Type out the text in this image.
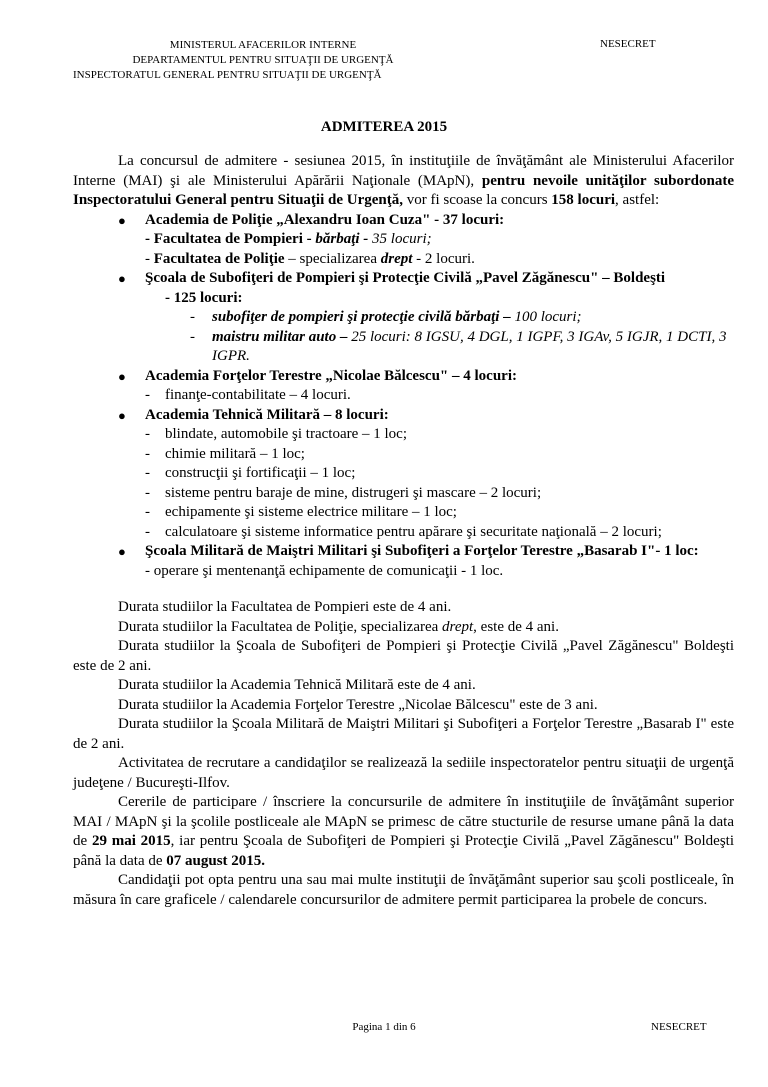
MINISTERUL AFACERILOR INTERNE
DEPARTAMENTUL PENTRU SITUAŢII DE URGENŢĂ
INSPECTORATUL GENERAL PENTRU SITUAŢII DE URGENŢĂ
NESECRET
ADMITEREA 2015

La concursul de admitere - sesiunea 2015, în instituţiile de învăţământ ale Ministerului Afacerilor Interne (MAI) şi ale Ministerului Apărării Naţionale (MApN), pentru nevoile unităţilor subordonate Inspectoratului General pentru Situaţii de Urgenţă, vor fi scoase la concurs 158 locuri, astfel:

● Academia de Poliţie „Alexandru Ioan Cuza" - 37 locuri:
- Facultatea de Pompieri - bărbaţi - 35 locuri;
- Facultatea de Poliţie – specializarea drept - 2 locuri.
● Şcoala de Subofiţeri de Pompieri şi Protecţie Civilă „Pavel Zăgănescu" – Boldeşti
- 125 locuri:
- subofiţer de pompieri şi protecţie civilă bărbaţi – 100 locuri;
- maistru militar auto – 25 locuri: 8 IGSU, 4 DGL, 1 IGPF, 3 IGAv, 5 IGJR, 1 DCTI, 3 IGPR.
● Academia Forţelor Terestre „Nicolae Bălcescu" – 4 locuri:
- finanţe-contabilitate – 4 locuri.
● Academia Tehnică Militară – 8 locuri:
- blindate, automobile şi tractoare – 1 loc;
- chimie militară – 1 loc;
- construcţii şi fortificaţii – 1 loc;
- sisteme pentru baraje de mine, distrugeri şi mascare – 2 locuri;
- echipamente şi sisteme electrice militare – 1 loc;
- calculatoare şi sisteme informatice pentru apărare şi securitate naţională – 2 locuri;
● Şcoala Militară de Maiştri Militari şi Subofiţeri a Forţelor Terestre „Basarab I"- 1 loc:
- operare şi mentenanţă echipamente de comunicaţii - 1 loc.

Durata studiilor la Facultatea de Pompieri este de 4 ani.

Durata studiilor la Facultatea de Poliţie, specializarea drept, este de 4 ani.

Durata studiilor la Şcoala de Subofiţeri de Pompieri şi Protecţie Civilă „Pavel Zăgănescu" Boldeşti este de 2 ani.

Durata studiilor la Academia Tehnică Militară este de 4 ani.

Durata studiilor la Academia Forţelor Terestre „Nicolae Bălcescu" este de 3 ani.

Durata studiilor la Şcoala Militară de Maiştri Militari şi Subofiţeri a Forţelor Terestre „Basarab I" este de 2 ani.

Activitatea de recrutare a candidaţilor se realizează la sediile inspectoratelor pentru situaţii de urgenţă judeţene / Bucureşti-Ilfov.

Cererile de participare / înscriere la concursurile de admitere în instituţiile de învăţământ superior MAI / MApN şi la şcolile postliceale ale MApN se primesc de către stucturile de resurse umane până la data de 29 mai 2015, iar pentru Şcoala de Subofiţeri de Pompieri şi Protecţie Civilă „Pavel Zăgănescu" Boldeşti până la data de 07 august 2015.

Candidaţii pot opta pentru una sau mai multe instituţii de învăţământ superior sau şcoli postliceale, în măsura în care graficele / calendarele concursurilor de admitere permit participarea la probele de concurs.

Pagina 1 din 6	NESECRET
